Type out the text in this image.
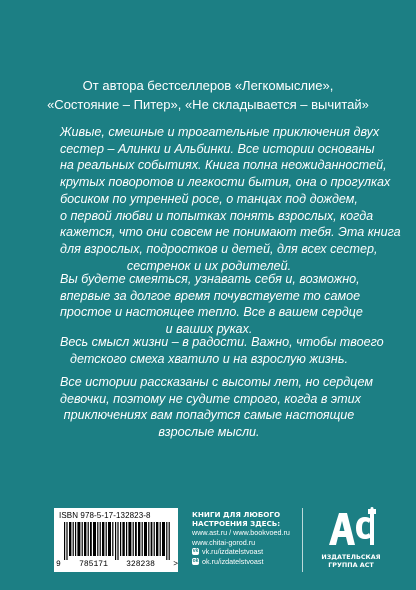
От автора бестселлеров «Легкомыслие»,
«Состояние – Питер», «Не складывается – вычитай»
Живые, смешные и трогательные приключения двух
сестер – Алинки и Альбинки. Все истории основаны
на реальных событиях. Книга полна неожиданностей,
крутых поворотов и легкости бытия, она о прогулках
босиком по утренней росе, о танцах под дождем,
о первой любви и попытках понять взрослых, когда
кажется, что они совсем не понимают тебя. Эта книга
для взрослых, подростков и детей, для всех сестер,
сестренок и их родителей.
Вы будете смеяться, узнавать себя и, возможно,
впервые за долгое время почувствуете то самое
простое и настоящее тепло. Все в вашем сердце
и ваших руках.
Весь смысл жизни – в радости. Важно, чтобы твоего
детского смеха хватило и на взрослую жизнь.
Все истории рассказаны с высоты лет, но сердцем
девочки, поэтому не судите строго, когда в этих
приключениях вам попадутся самые настоящие
взрослые мысли.
ISBN 978-5-17-132823-8
9 785171 328238 >
КНИГИ ДЛЯ ЛЮБОГО
НАСТРОЕНИЯ ЗДЕСЬ:
www.ast.ru / www.bookvoed.ru
www.chitai-gorod.ru
vk vk.ru/izdatelstvoast
ok ok.ru/izdatelstvoast	ИЗДАТЕЛЬСКАЯ
ГРУППА АСТ
